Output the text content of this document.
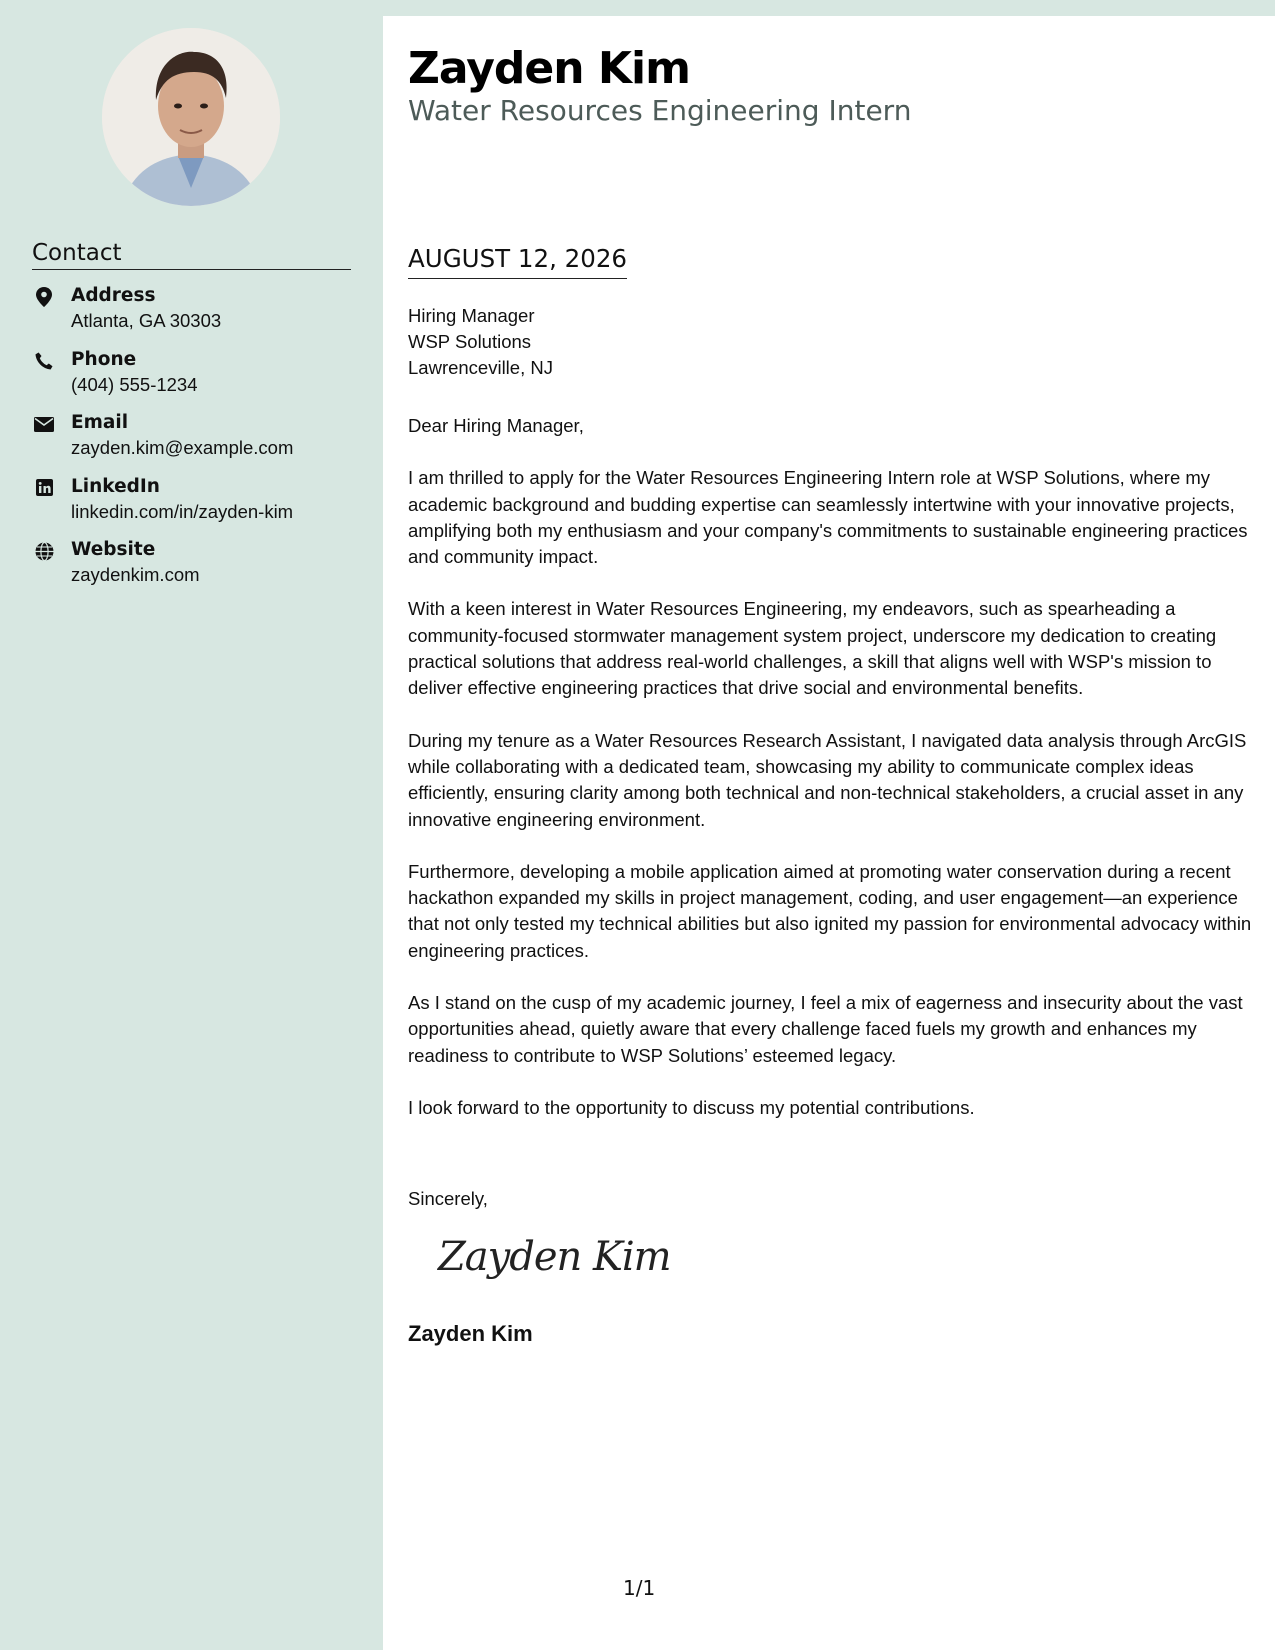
Contact
Address
Atlanta, GA 30303
Phone
(404) 555-1234
Email
zayden.kim@example.com
LinkedIn
linkedin.com/in/zayden-kim
Website
zaydenkim.com
Zayden Kim
Water Resources Engineering Intern
AUGUST 12, 2026
Hiring Manager
WSP Solutions
Lawrenceville, NJ

Dear Hiring Manager,

I am thrilled to apply for the Water Resources Engineering Intern role at WSP Solutions, where my academic background and budding expertise can seamlessly intertwine with your innovative projects, amplifying both my enthusiasm and your company's commitments to sustainable engineering practices and community impact.

With a keen interest in Water Resources Engineering, my endeavors, such as spearheading a community-focused stormwater management system project, underscore my dedication to creating practical solutions that address real-world challenges, a skill that aligns well with WSP's mission to deliver effective engineering practices that drive social and environmental benefits.

During my tenure as a Water Resources Research Assistant, I navigated data analysis through ArcGIS while collaborating with a dedicated team, showcasing my ability to communicate complex ideas efficiently, ensuring clarity among both technical and non-technical stakeholders, a crucial asset in any innovative engineering environment.

Furthermore, developing a mobile application aimed at promoting water conservation during a recent hackathon expanded my skills in project management, coding, and user engagement—an experience that not only tested my technical abilities but also ignited my passion for environmental advocacy within engineering practices.

As I stand on the cusp of my academic journey, I feel a mix of eagerness and insecurity about the vast opportunities ahead, quietly aware that every challenge faced fuels my growth and enhances my readiness to contribute to WSP Solutions’ esteemed legacy.

I look forward to the opportunity to discuss my potential contributions.

Sincerely,
Zayden Kim
Zayden Kim
1/1
